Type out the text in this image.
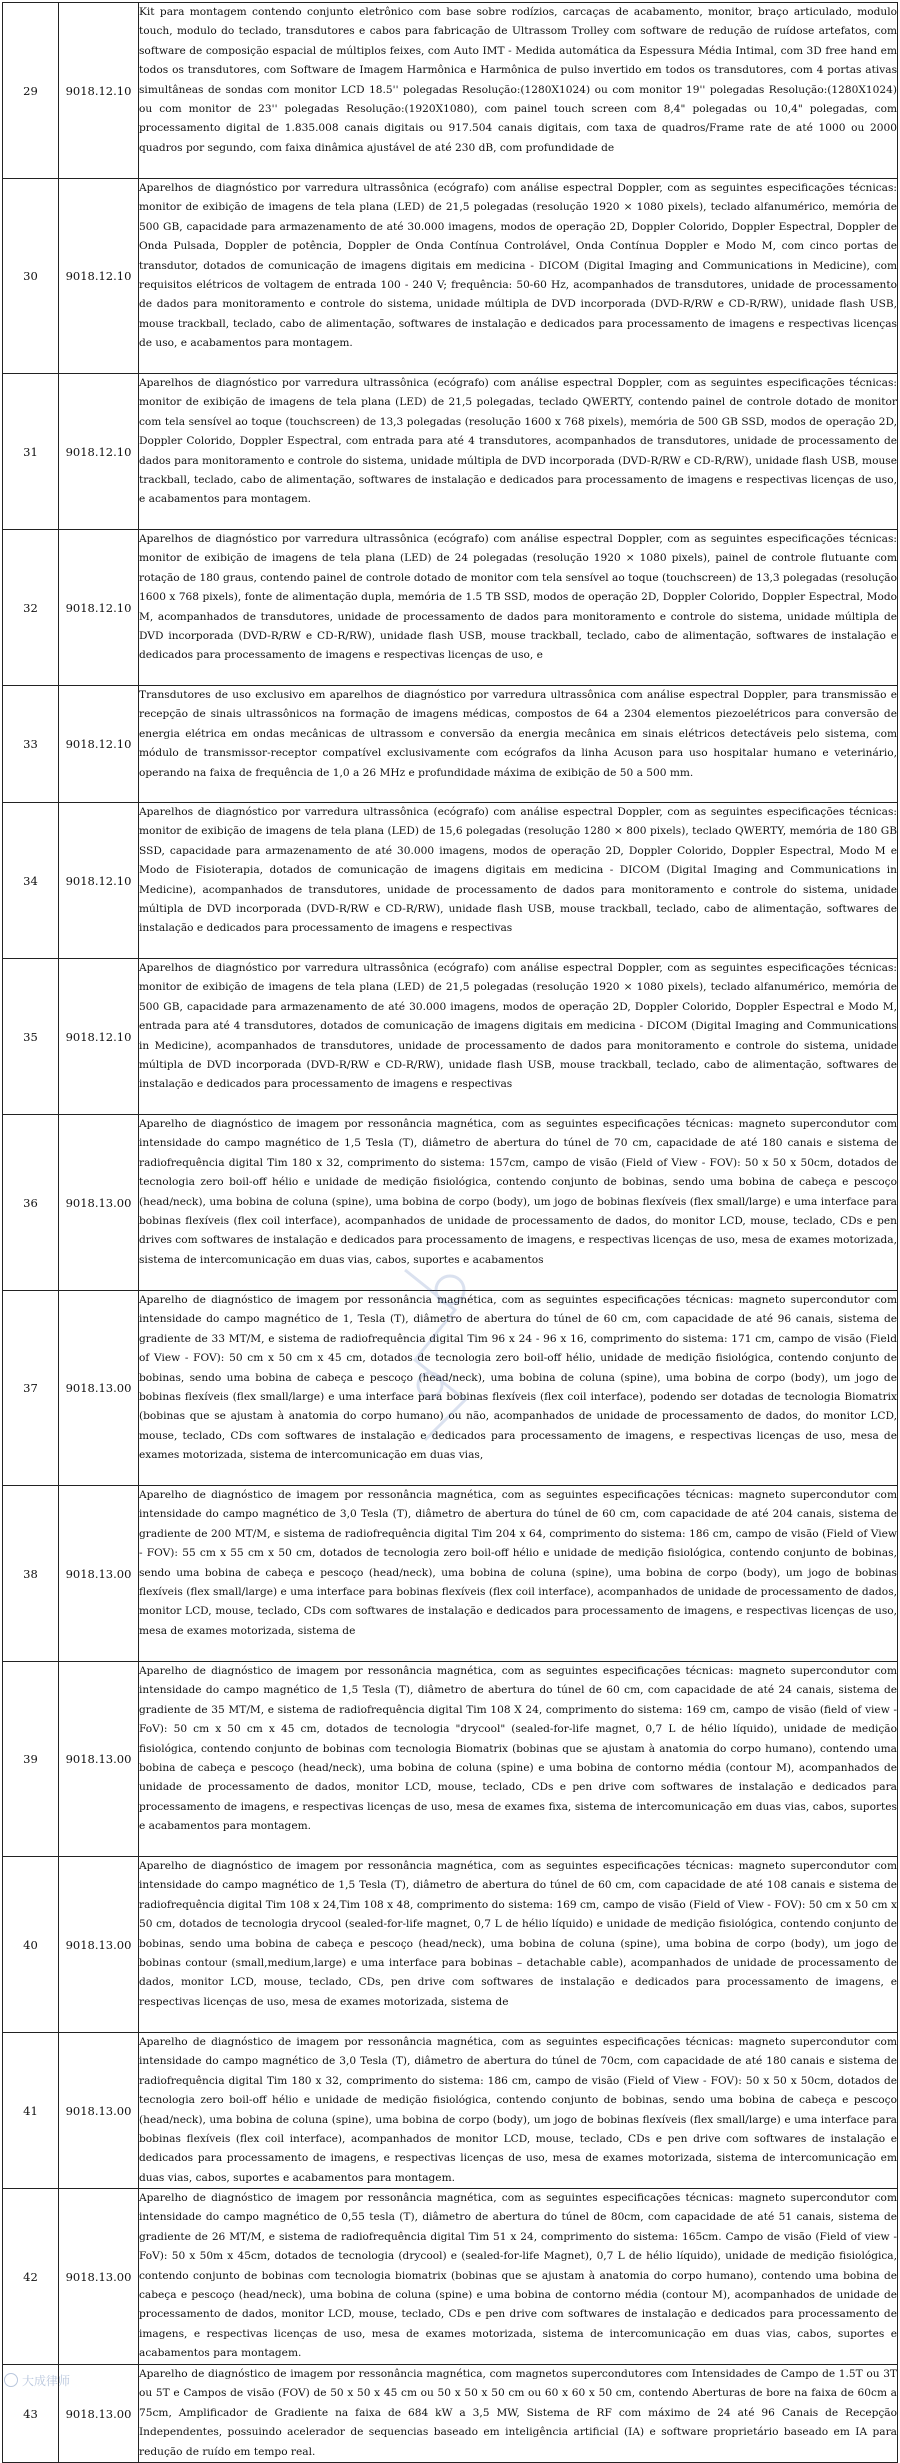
29	9018.12.10	Kit para montagem contendo conjunto eletrônico com base sobre rodízios, carcaças de acabamento, monitor, braço articulado, modulo touch, modulo do teclado, transdutores e cabos para fabricação de Ultrassom Trolley com software de redução de ruídose artefatos, com software de composição espacial de múltiplos feixes, com Auto IMT - Medida automática da Espessura Média Intimal, com 3D free hand em todos os transdutores, com Software de Imagem Harmônica e Harmônica de pulso invertido em todos os transdutores, com 4 portas ativas simultâneas de sondas com monitor LCD 18.5'' polegadas Resolução:(1280X1024) ou com monitor 19'' polegadas Resolução:(1280X1024) ou com monitor de 23'' polegadas Resolução:(1920X1080), com painel touch screen com 8,4" polegadas ou 10,4" polegadas, com processamento digital de 1.835.008 canais digitais ou 917.504 canais digitais, com taxa de quadros/Frame rate de até 1000 ou 2000 quadros por segundo, com faixa dinâmica ajustável de até 230 dB, com profundidade de

30	9018.12.10	Aparelhos de diagnóstico por varredura ultrassônica (ecógrafo) com análise espectral Doppler, com as seguintes especificações técnicas: monitor de exibição de imagens de tela plana (LED) de 21,5 polegadas (resolução 1920 × 1080 pixels), teclado alfanumérico, memória de 500 GB, capacidade para armazenamento de até 30.000 imagens, modos de operação 2D, Doppler Colorido, Doppler Espectral, Doppler de Onda Pulsada, Doppler de potência, Doppler de Onda Contínua Controlável, Onda Contínua Doppler e Modo M, com cinco portas de transdutor, dotados de comunicação de imagens digitais em medicina - DICOM (Digital Imaging and Communications in Medicine), com requisitos elétricos de voltagem de entrada 100 - 240 V; frequência: 50-60 Hz, acompanhados de transdutores, unidade de processamento de dados para monitoramento e controle do sistema, unidade múltipla de DVD incorporada (DVD-R/RW e CD-R/RW), unidade flash USB, mouse trackball, teclado, cabo de alimentação, softwares de instalação e dedicados para processamento de imagens e respectivas licenças de uso, e acabamentos para montagem.

31	9018.12.10	Aparelhos de diagnóstico por varredura ultrassônica (ecógrafo) com análise espectral Doppler, com as seguintes especificações técnicas: monitor de exibição de imagens de tela plana (LED) de 21,5 polegadas, teclado QWERTY, contendo painel de controle dotado de monitor com tela sensível ao toque (touchscreen) de 13,3 polegadas (resolução 1600 x 768 pixels), memória de 500 GB SSD, modos de operação 2D, Doppler Colorido, Doppler Espectral, com entrada para até 4 transdutores, acompanhados de transdutores, unidade de processamento de dados para monitoramento e controle do sistema, unidade múltipla de DVD incorporada (DVD-R/RW e CD-R/RW), unidade flash USB, mouse trackball, teclado, cabo de alimentação, softwares de instalação e dedicados para processamento de imagens e respectivas licenças de uso, e acabamentos para montagem.

32	9018.12.10	Aparelhos de diagnóstico por varredura ultrassônica (ecógrafo) com análise espectral Doppler, com as seguintes especificações técnicas: monitor de exibição de imagens de tela plana (LED) de 24 polegadas (resolução 1920 × 1080 pixels), painel de controle flutuante com rotação de 180 graus, contendo painel de controle dotado de monitor com tela sensível ao toque (touchscreen) de 13,3 polegadas (resolução 1600 x 768 pixels), fonte de alimentação dupla, memória de 1.5 TB SSD, modos de operação 2D, Doppler Colorido, Doppler Espectral, Modo M, acompanhados de transdutores, unidade de processamento de dados para monitoramento e controle do sistema, unidade múltipla de DVD incorporada (DVD-R/RW e CD-R/RW), unidade flash USB, mouse trackball, teclado, cabo de alimentação, softwares de instalação e dedicados para processamento de imagens e respectivas licenças de uso, e

33	9018.12.10	Transdutores de uso exclusivo em aparelhos de diagnóstico por varredura ultrassônica com análise espectral Doppler, para transmissão e recepção de sinais ultrassônicos na formação de imagens médicas, compostos de 64 a 2304 elementos piezoelétricos para conversão de energia elétrica em ondas mecânicas de ultrassom e conversão da energia mecânica em sinais elétricos detectáveis pelo sistema, com módulo de transmissor-receptor compatível exclusivamente com ecógrafos da linha Acuson para uso hospitalar humano e veterinário, operando na faixa de frequência de 1,0 a 26 MHz e profundidade máxima de exibição de 50 a 500 mm.

34	9018.12.10	Aparelhos de diagnóstico por varredura ultrassônica (ecógrafo) com análise espectral Doppler, com as seguintes especificações técnicas: monitor de exibição de imagens de tela plana (LED) de 15,6 polegadas (resolução 1280 × 800 pixels), teclado QWERTY, memória de 180 GB SSD, capacidade para armazenamento de até 30.000 imagens, modos de operação 2D, Doppler Colorido, Doppler Espectral, Modo M e Modo de Fisioterapia, dotados de comunicação de imagens digitais em medicina - DICOM (Digital Imaging and Communications in Medicine), acompanhados de transdutores, unidade de processamento de dados para monitoramento e controle do sistema, unidade múltipla de DVD incorporada (DVD-R/RW e CD-R/RW), unidade flash USB, mouse trackball, teclado, cabo de alimentação, softwares de instalação e dedicados para processamento de imagens e respectivas

35	9018.12.10	Aparelhos de diagnóstico por varredura ultrassônica (ecógrafo) com análise espectral Doppler, com as seguintes especificações técnicas: monitor de exibição de imagens de tela plana (LED) de 21,5 polegadas (resolução 1920 × 1080 pixels), teclado alfanumérico, memória de 500 GB, capacidade para armazenamento de até 30.000 imagens, modos de operação 2D, Doppler Colorido, Doppler Espectral e Modo M, entrada para até 4 transdutores, dotados de comunicação de imagens digitais em medicina - DICOM (Digital Imaging and Communications in Medicine), acompanhados de transdutores, unidade de processamento de dados para monitoramento e controle do sistema, unidade múltipla de DVD incorporada (DVD-R/RW e CD-R/RW), unidade flash USB, mouse trackball, teclado, cabo de alimentação, softwares de instalação e dedicados para processamento de imagens e respectivas

36	9018.13.00	Aparelho de diagnóstico de imagem por ressonância magnética, com as seguintes especificações técnicas: magneto supercondutor com intensidade do campo magnético de 1,5 Tesla (T), diâmetro de abertura do túnel de 70 cm, capacidade de até 180 canais e sistema de radiofrequência digital Tim 180 x 32, comprimento do sistema: 157cm, campo de visão (Field of View - FOV): 50 x 50 x 50cm, dotados de tecnologia zero boil-off hélio e unidade de medição fisiológica, contendo conjunto de bobinas, sendo uma bobina de cabeça e pescoço (head/neck), uma bobina de coluna (spine), uma bobina de corpo (body), um jogo de bobinas flexíveis (flex small/large) e uma interface para bobinas flexíveis (flex coil interface), acompanhados de unidade de processamento de dados, do monitor LCD, mouse, teclado, CDs e pen drives com softwares de instalação e dedicados para processamento de imagens, e respectivas licenças de uso, mesa de exames motorizada, sistema de intercomunicação em duas vias, cabos, suportes e acabamentos

37	9018.13.00	Aparelho de diagnóstico de imagem por ressonância magnética, com as seguintes especificações técnicas: magneto supercondutor com intensidade do campo magnético de 1, Tesla (T), diâmetro de abertura do túnel de 60 cm, com capacidade de até 96 canais, sistema de gradiente de 33 MT/M, e sistema de radiofrequência digital Tim 96 x 24 - 96 x 16, comprimento do sistema: 171 cm, campo de visão (Field of View - FOV): 50 cm x 50 cm x 45 cm, dotados de tecnologia zero boil-off hélio, unidade de medição fisiológica, contendo conjunto de bobinas, sendo uma bobina de cabeça e pescoço (head/neck), uma bobina de coluna (spine), uma bobina de corpo (body), um jogo de bobinas flexíveis (flex small/large) e uma interface para bobinas flexíveis (flex coil interface), podendo ser dotadas de tecnologia Biomatrix (bobinas que se ajustam à anatomia do corpo humano) ou não, acompanhados de unidade de processamento de dados, do monitor LCD, mouse, teclado, CDs com softwares de instalação e dedicados para processamento de imagens, e respectivas licenças de uso, mesa de exames motorizada, sistema de intercomunicação em duas vias,

38	9018.13.00	Aparelho de diagnóstico de imagem por ressonância magnética, com as seguintes especificações técnicas: magneto supercondutor com intensidade do campo magnético de 3,0 Tesla (T), diâmetro de abertura do túnel de 60 cm, com capacidade de até 204 canais, sistema de gradiente de 200 MT/M, e sistema de radiofrequência digital Tim 204 x 64, comprimento do sistema: 186 cm, campo de visão (Field of View - FOV): 55 cm x 55 cm x 50 cm, dotados de tecnologia zero boil-off hélio e unidade de medição fisiológica, contendo conjunto de bobinas, sendo uma bobina de cabeça e pescoço (head/neck), uma bobina de coluna (spine), uma bobina de corpo (body), um jogo de bobinas flexíveis (flex small/large) e uma interface para bobinas flexíveis (flex coil interface), acompanhados de unidade de processamento de dados, monitor LCD, mouse, teclado, CDs com softwares de instalação e dedicados para processamento de imagens, e respectivas licenças de uso, mesa de exames motorizada, sistema de

39	9018.13.00	Aparelho de diagnóstico de imagem por ressonância magnética, com as seguintes especificações técnicas: magneto supercondutor com intensidade do campo magnético de 1,5 Tesla (T), diâmetro de abertura do túnel de 60 cm, com capacidade de até 24 canais, sistema de gradiente de 35 MT/M, e sistema de radiofrequência digital Tim 108 X 24, comprimento do sistema: 169 cm, campo de visão (field of view - FoV): 50 cm x 50 cm x 45 cm, dotados de tecnologia "drycool" (sealed-for-life magnet, 0,7 L de hélio líquido), unidade de medição fisiológica, contendo conjunto de bobinas com tecnologia Biomatrix (bobinas que se ajustam à anatomia do corpo humano), contendo uma bobina de cabeça e pescoço (head/neck), uma bobina de coluna (spine) e uma bobina de contorno média (contour M), acompanhados de unidade de processamento de dados, monitor LCD, mouse, teclado, CDs e pen drive com softwares de instalação e dedicados para processamento de imagens, e respectivas licenças de uso, mesa de exames fixa, sistema de intercomunicação em duas vias, cabos, suportes e acabamentos para montagem.

40	9018.13.00	Aparelho de diagnóstico de imagem por ressonância magnética, com as seguintes especificações técnicas: magneto supercondutor com intensidade do campo magnético de 1,5 Tesla (T), diâmetro de abertura do túnel de 60 cm, com capacidade de até 108 canais e sistema de radiofrequência digital Tim 108 x 24,Tim 108 x 48, comprimento do sistema: 169 cm, campo de visão (Field of View - FOV): 50 cm x 50 cm x 50 cm, dotados de tecnologia drycool (sealed-for-life magnet, 0,7 L de hélio líquido) e unidade de medição fisiológica, contendo conjunto de bobinas, sendo uma bobina de cabeça e pescoço (head/neck), uma bobina de coluna (spine), uma bobina de corpo (body), um jogo de bobinas contour (small,medium,large) e uma interface para bobinas – detachable cable), acompanhados de unidade de processamento de dados, monitor LCD, mouse, teclado, CDs, pen drive com softwares de instalação e dedicados para processamento de imagens, e respectivas licenças de uso, mesa de exames motorizada, sistema de

41	9018.13.00	Aparelho de diagnóstico de imagem por ressonância magnética, com as seguintes especificações técnicas: magneto supercondutor com intensidade do campo magnético de 3,0 Tesla (T), diâmetro de abertura do túnel de 70cm, com capacidade de até 180 canais e sistema de radiofrequência digital Tim 180 x 32, comprimento do sistema: 186 cm, campo de visão (Field of View - FOV): 50 x 50 x 50cm, dotados de tecnologia zero boil-off hélio e unidade de medição fisiológica, contendo conjunto de bobinas, sendo uma bobina de cabeça e pescoço (head/neck), uma bobina de coluna (spine), uma bobina de corpo (body), um jogo de bobinas flexíveis (flex small/large) e uma interface para bobinas flexíveis (flex coil interface), acompanhados de monitor LCD, mouse, teclado, CDs e pen drive com softwares de instalação e dedicados para processamento de imagens, e respectivas licenças de uso, mesa de exames motorizada, sistema de intercomunicação em duas vias, cabos, suportes e acabamentos para montagem.

42	9018.13.00	Aparelho de diagnóstico de imagem por ressonância magnética, com as seguintes especificações técnicas: magneto supercondutor com intensidade do campo magnético de 0,55 tesla (T), diâmetro de abertura do túnel de 80cm, com capacidade de até 51 canais, sistema de gradiente de 26 MT/M, e sistema de radiofrequência digital Tim 51 x 24, comprimento do sistema: 165cm. Campo de visão (Field of view - FoV): 50 x 50m x 45cm, dotados de tecnologia (drycool) e (sealed-for-life Magnet), 0,7 L de hélio líquido), unidade de medição fisiológica, contendo conjunto de bobinas com tecnologia biomatrix (bobinas que se ajustam à anatomia do corpo humano), contendo uma bobina de cabeça e pescoço (head/neck), uma bobina de coluna (spine) e uma bobina de contorno média (contour M), acompanhados de unidade de processamento de dados, monitor LCD, mouse, teclado, CDs e pen drive com softwares de instalação e dedicados para processamento de imagens, e respectivas licenças de uso, mesa de exames motorizada, sistema de intercomunicação em duas vias, cabos, suportes e acabamentos para montagem.

43	9018.13.00	Aparelho de diagnóstico de imagem por ressonância magnética, com magnetos supercondutores com Intensidades de Campo de 1.5T ou 3T ou 5T e Campos de visão (FOV) de 50 x 50 x 45 cm ou 50 x 50 x 50 cm ou 60 x 60 x 50 cm, contendo Aberturas de bore na faixa de 60cm a 75cm, Amplificador de Gradiente na faixa de 684 kW a 3,5 MW, Sistema de RF com máximo de 24 até 96 Canais de Recepção Independentes, possuindo acelerador de sequencias baseado em inteligência artificial (IA) e software proprietário baseado em IA para redução de ruído em tempo real.
大成律师
